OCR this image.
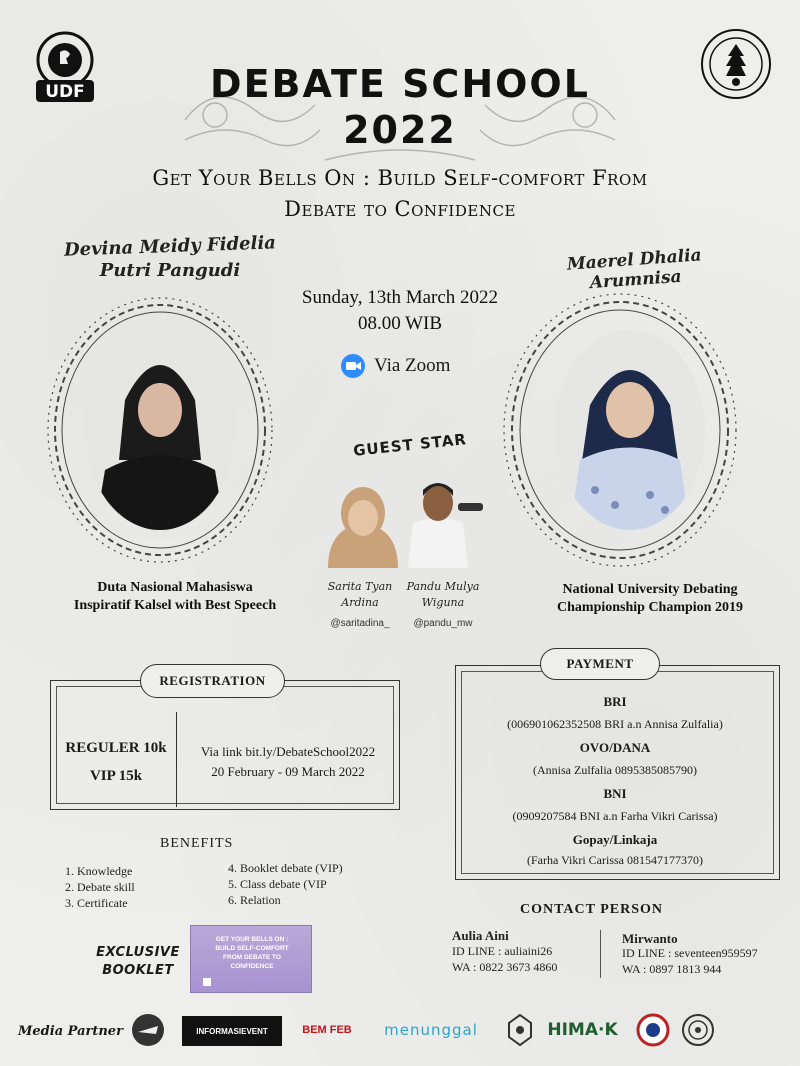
UDF	DEBATE SCHOOL
2022
Get Your Bells On : Build Self-comfort From
Debate to Confidence
Devina Meidy Fidelia
Putri Pangudi
Duta Nasional Mahasiswa
Inspiratif Kalsel with Best Speech
Maerel Dhalia Arumnisa
National University Debating
Championship Champion 2019
Sunday, 13th March 2022
08.00 WIB
Via Zoom
GUEST STAR
Sarita Tyan
Ardina
Pandu Mulya
Wiguna
@saritadina_	@pandu_mw
REGISTRATION
REGULER 10k
VIP 15k
Via link bit.ly/DebateSchool2022
20 February - 09 March 2022
PAYMENT
BRI
(006901062352508 BRI a.n Annisa Zulfalia)
OVO/DANA
(Annisa Zulfalia 0895385085790)
BNI
(0909207584 BNI a.n Farha Vikri Carissa)
Gopay/Linkaja
(Farha Vikri Carissa 081547177370)
BENEFITS
1. Knowledge
2. Debate skill
3. Certificate
4. Booklet debate (VIP)
5. Class debate (VIP
6. Relation
EXCLUSIVE
BOOKLET
GET YOUR BELLS ON :
BUILD SELF-COMFORT
FROM DEBATE TO
CONFIDENCE
CONTACT PERSON
Aulia Aini
ID LINE : auliaini26
WA : 0822 3673 4860
Mirwanto
ID LINE : seventeen959597
WA : 0897 1813 944
Media Partner	INFORMASIEVENT	BEM FEB	menunggal	HIMA·K
